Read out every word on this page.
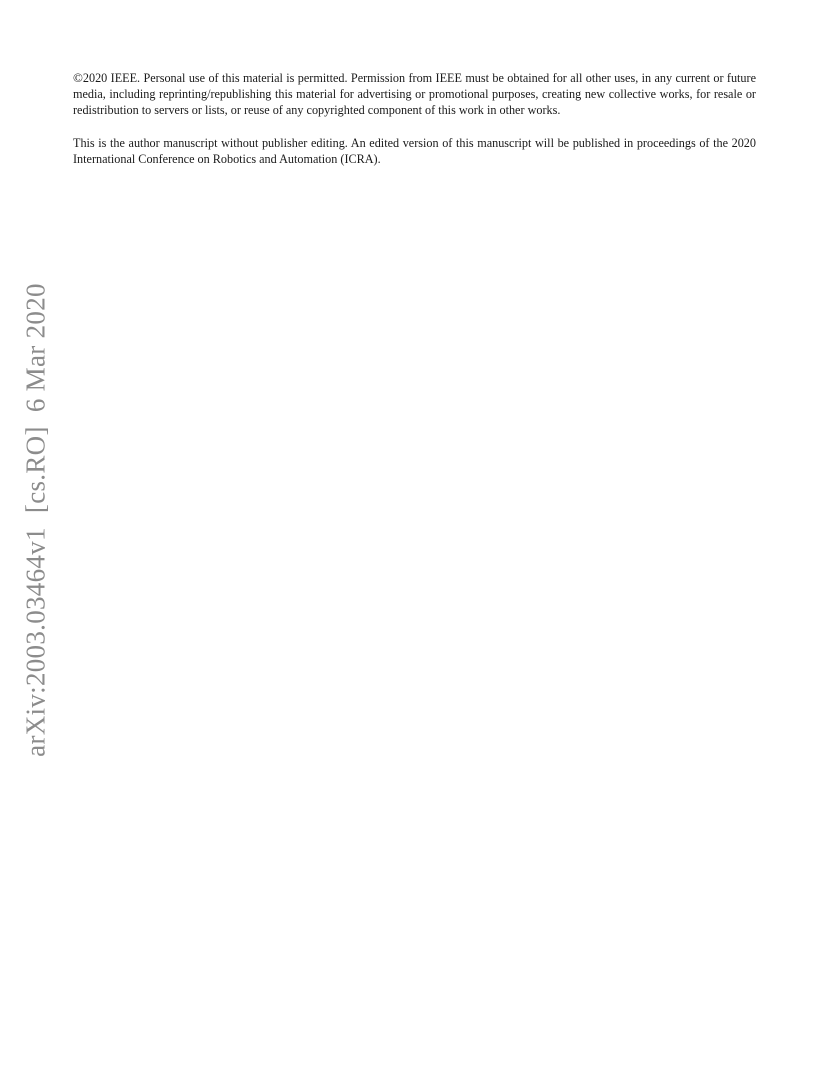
©2020 IEEE. Personal use of this material is permitted. Permission from IEEE must be obtained for all other uses, in any current or future media, including reprinting/republishing this material for advertising or promotional purposes, creating new collective works, for resale or redistribution to servers or lists, or reuse of any copyrighted component of this work in other works.

This is the author manuscript without publisher editing. An edited version of this manuscript will be published in proceedings of the 2020 International Conference on Robotics and Automation (ICRA).

arXiv:2003.03464v1  [cs.RO]  6 Mar 2020
